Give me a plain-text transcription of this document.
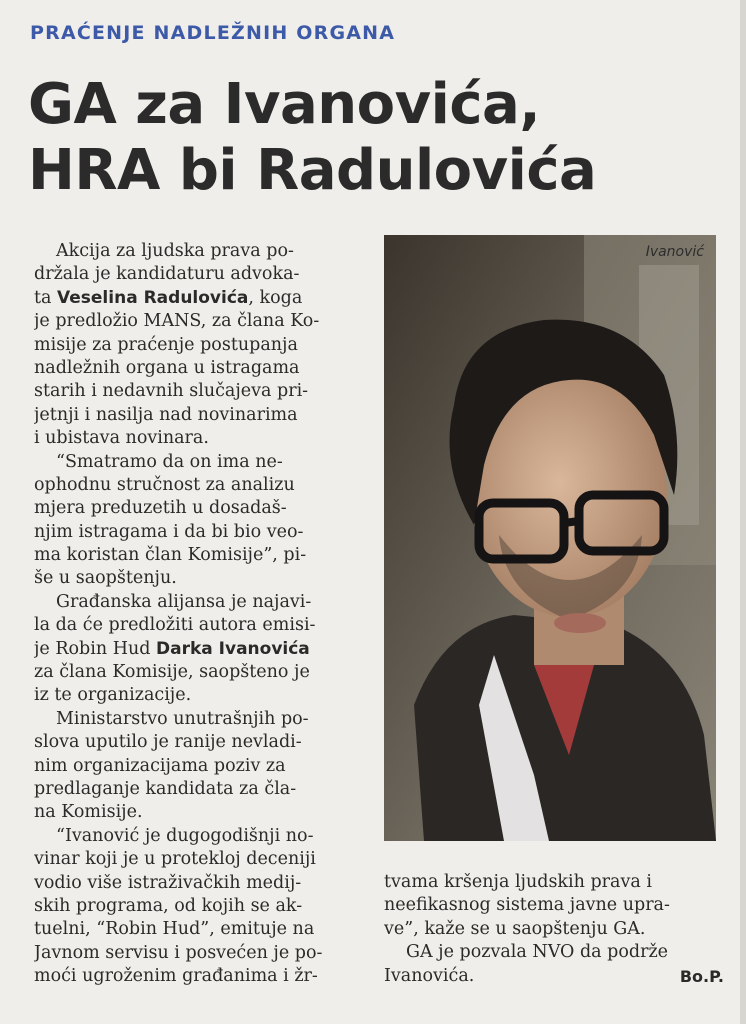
PRAĆENJE NADLEŽNIH ORGANA
GA za Ivanovića,
HRA bi Radulovića
Akcija za ljudska prava po-
držala je kandidaturu advoka-
ta Veselina Radulovića, koga
je predložio MANS, za člana Ko-
misije za praćenje postupanja
nadležnih organa u istragama
starih i nedavnih slučajeva pri-
jetnji i nasilja nad novinarima
i ubistava novinara.
“Smatramo da on ima ne-
ophodnu stručnost za analizu
mjera preduzetih u dosadaš-
njim istragama i da bi bio veo-
ma koristan član Komisije”, pi-
še u saopštenju.
Građanska alijansa je najavi-
la da će predložiti autora emisi-
je Robin Hud Darka Ivanovića
za člana Komisije, saopšteno je
iz te organizacije.
Ministarstvo unutrašnjih po-
slova uputilo je ranije nevladi-
nim organizacijama poziv za
predlaganje kandidata za čla-
na Komisije.
“Ivanović je dugogodišnji no-
vinar koji je u protekloj deceniji
vodio više istraživačkih medij-
skih programa, od kojih se ak-
tuelni, “Robin Hud”, emituje na
Javnom servisu i posvećen je po-
moći ugroženim građanima i žr-
Ivanović
tvama kršenja ljudskih prava i
neefikasnog sistema javne upra-
ve”, kaže se u saopštenju GA.
GA je pozvala NVO da podrže
Ivanovića.	Bo.P.
